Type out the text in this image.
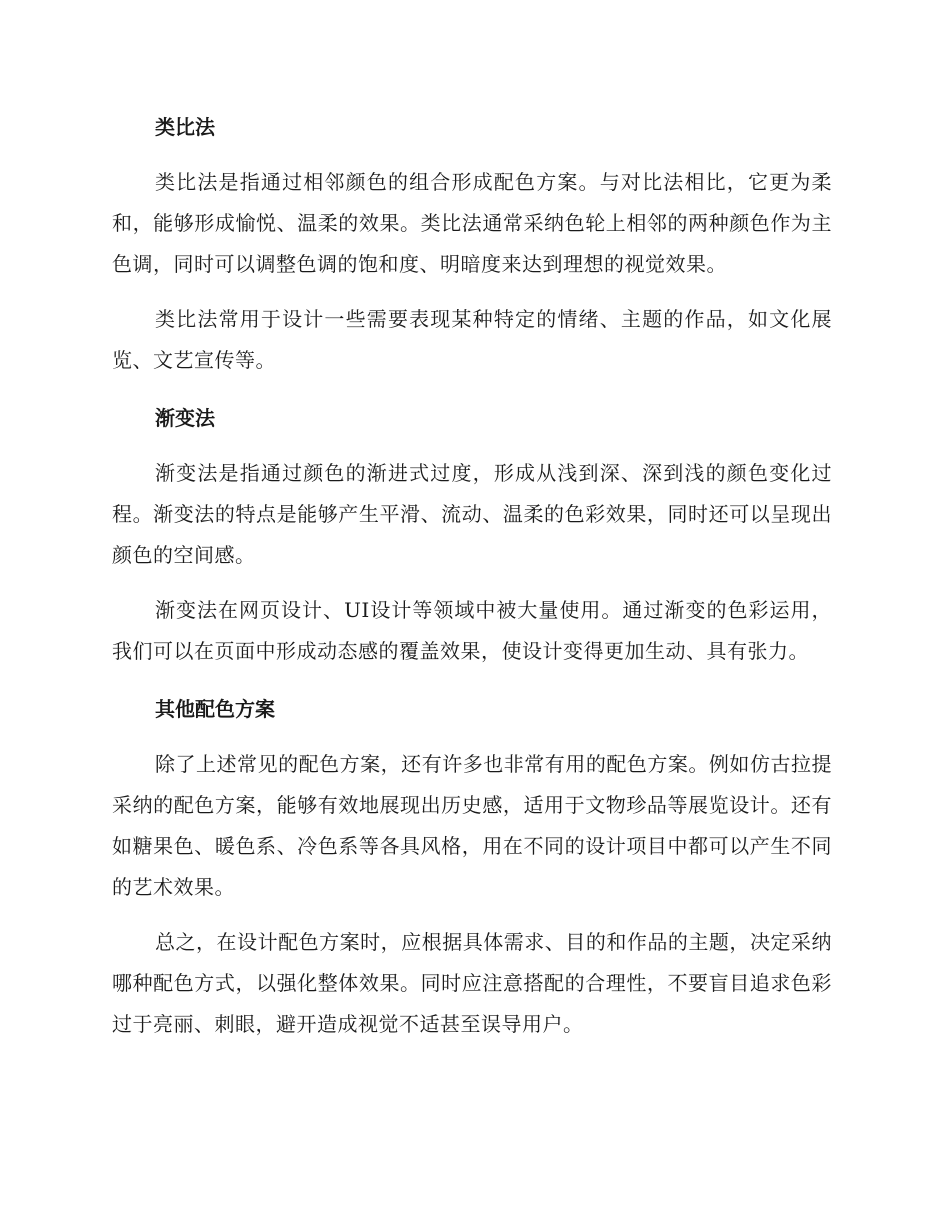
类比法

类比法是指通过相邻颜色的组合形成配色方案。与对比法相比，它更为柔和，能够形成愉悦、温柔的效果。类比法通常采纳色轮上相邻的两种颜色作为主色调，同时可以调整色调的饱和度、明暗度来达到理想的视觉效果。

类比法常用于设计一些需要表现某种特定的情绪、主题的作品，如文化展览、文艺宣传等。

渐变法

渐变法是指通过颜色的渐进式过度，形成从浅到深、深到浅的颜色变化过程。渐变法的特点是能够产生平滑、流动、温柔的色彩效果，同时还可以呈现出颜色的空间感。

渐变法在网页设计、UI设计等领域中被大量使用。通过渐变的色彩运用，我们可以在页面中形成动态感的覆盖效果，使设计变得更加生动、具有张力。

其他配色方案

除了上述常见的配色方案，还有许多也非常有用的配色方案。例如仿古拉提采纳的配色方案，能够有效地展现出历史感，适用于文物珍品等展览设计。还有如糖果色、暖色系、冷色系等各具风格，用在不同的设计项目中都可以产生不同的艺术效果。

总之，在设计配色方案时，应根据具体需求、目的和作品的主题，决定采纳哪种配色方式，以强化整体效果。同时应注意搭配的合理性，不要盲目追求色彩过于亮丽、刺眼，避开造成视觉不适甚至误导用户。
